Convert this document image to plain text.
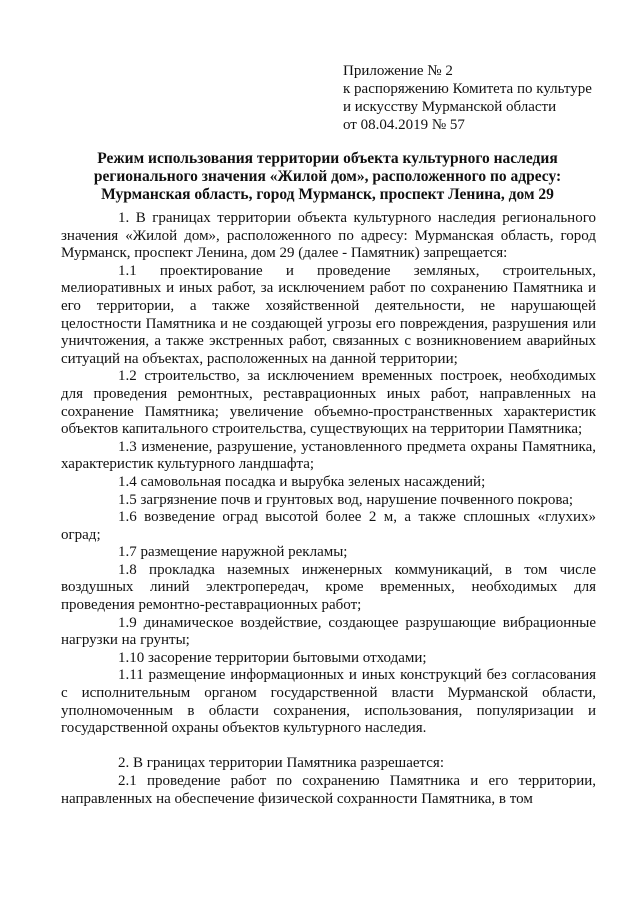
Приложение № 2
к распоряжению Комитета по культуре
и искусству Мурманской области
от 08.04.2019 № 57
Режим использования территории объекта культурного наследия
регионального значения «Жилой дом», расположенного по адресу:
Мурманская область, город Мурманск, проспект Ленина, дом 29

1. В границах территории объекта культурного наследия регионального значения «Жилой дом», расположенного по адресу: Мурманская область, город Мурманск, проспект Ленина, дом 29 (далее - Памятник) запрещается:

1.1 проектирование и проведение земляных, строительных, мелиоративных и иных работ, за исключением работ по сохранению Памятника и его территории, а также хозяйственной деятельности, не нарушающей целостности Памятника и не создающей угрозы его повреждения, разрушения или уничтожения, а также экстренных работ, связанных с возникновением аварийных ситуаций на объектах, расположенных на данной территории;

1.2 строительство, за исключением временных построек, необходимых для проведения ремонтных, реставрационных иных работ, направленных на сохранение Памятника; увеличение объемно-пространственных характеристик объектов капитального строительства, существующих на территории Памятника;

1.3 изменение, разрушение, установленного предмета охраны Памятника, характеристик культурного ландшафта;

1.4 самовольная посадка и вырубка зеленых насаждений;

1.5 загрязнение почв и грунтовых вод, нарушение почвенного покрова;

1.6 возведение оград высотой более 2 м, а также сплошных «глухих» оград;

1.7 размещение наружной рекламы;

1.8 прокладка наземных инженерных коммуникаций, в том числе воздушных линий электропередач, кроме временных, необходимых для проведения ремонтно-реставрационных работ;

1.9 динамическое воздействие, создающее разрушающие вибрационные нагрузки на грунты;

1.10 засорение территории бытовыми отходами;

1.11 размещение информационных и иных конструкций без согласования с исполнительным органом государственной власти Мурманской области, уполномоченным в области сохранения, использования, популяризации и государственной охраны объектов культурного наследия.

2. В границах территории Памятника разрешается:

2.1 проведение работ по сохранению Памятника и его территории, направленных на обеспечение физической сохранности Памятника, в том
